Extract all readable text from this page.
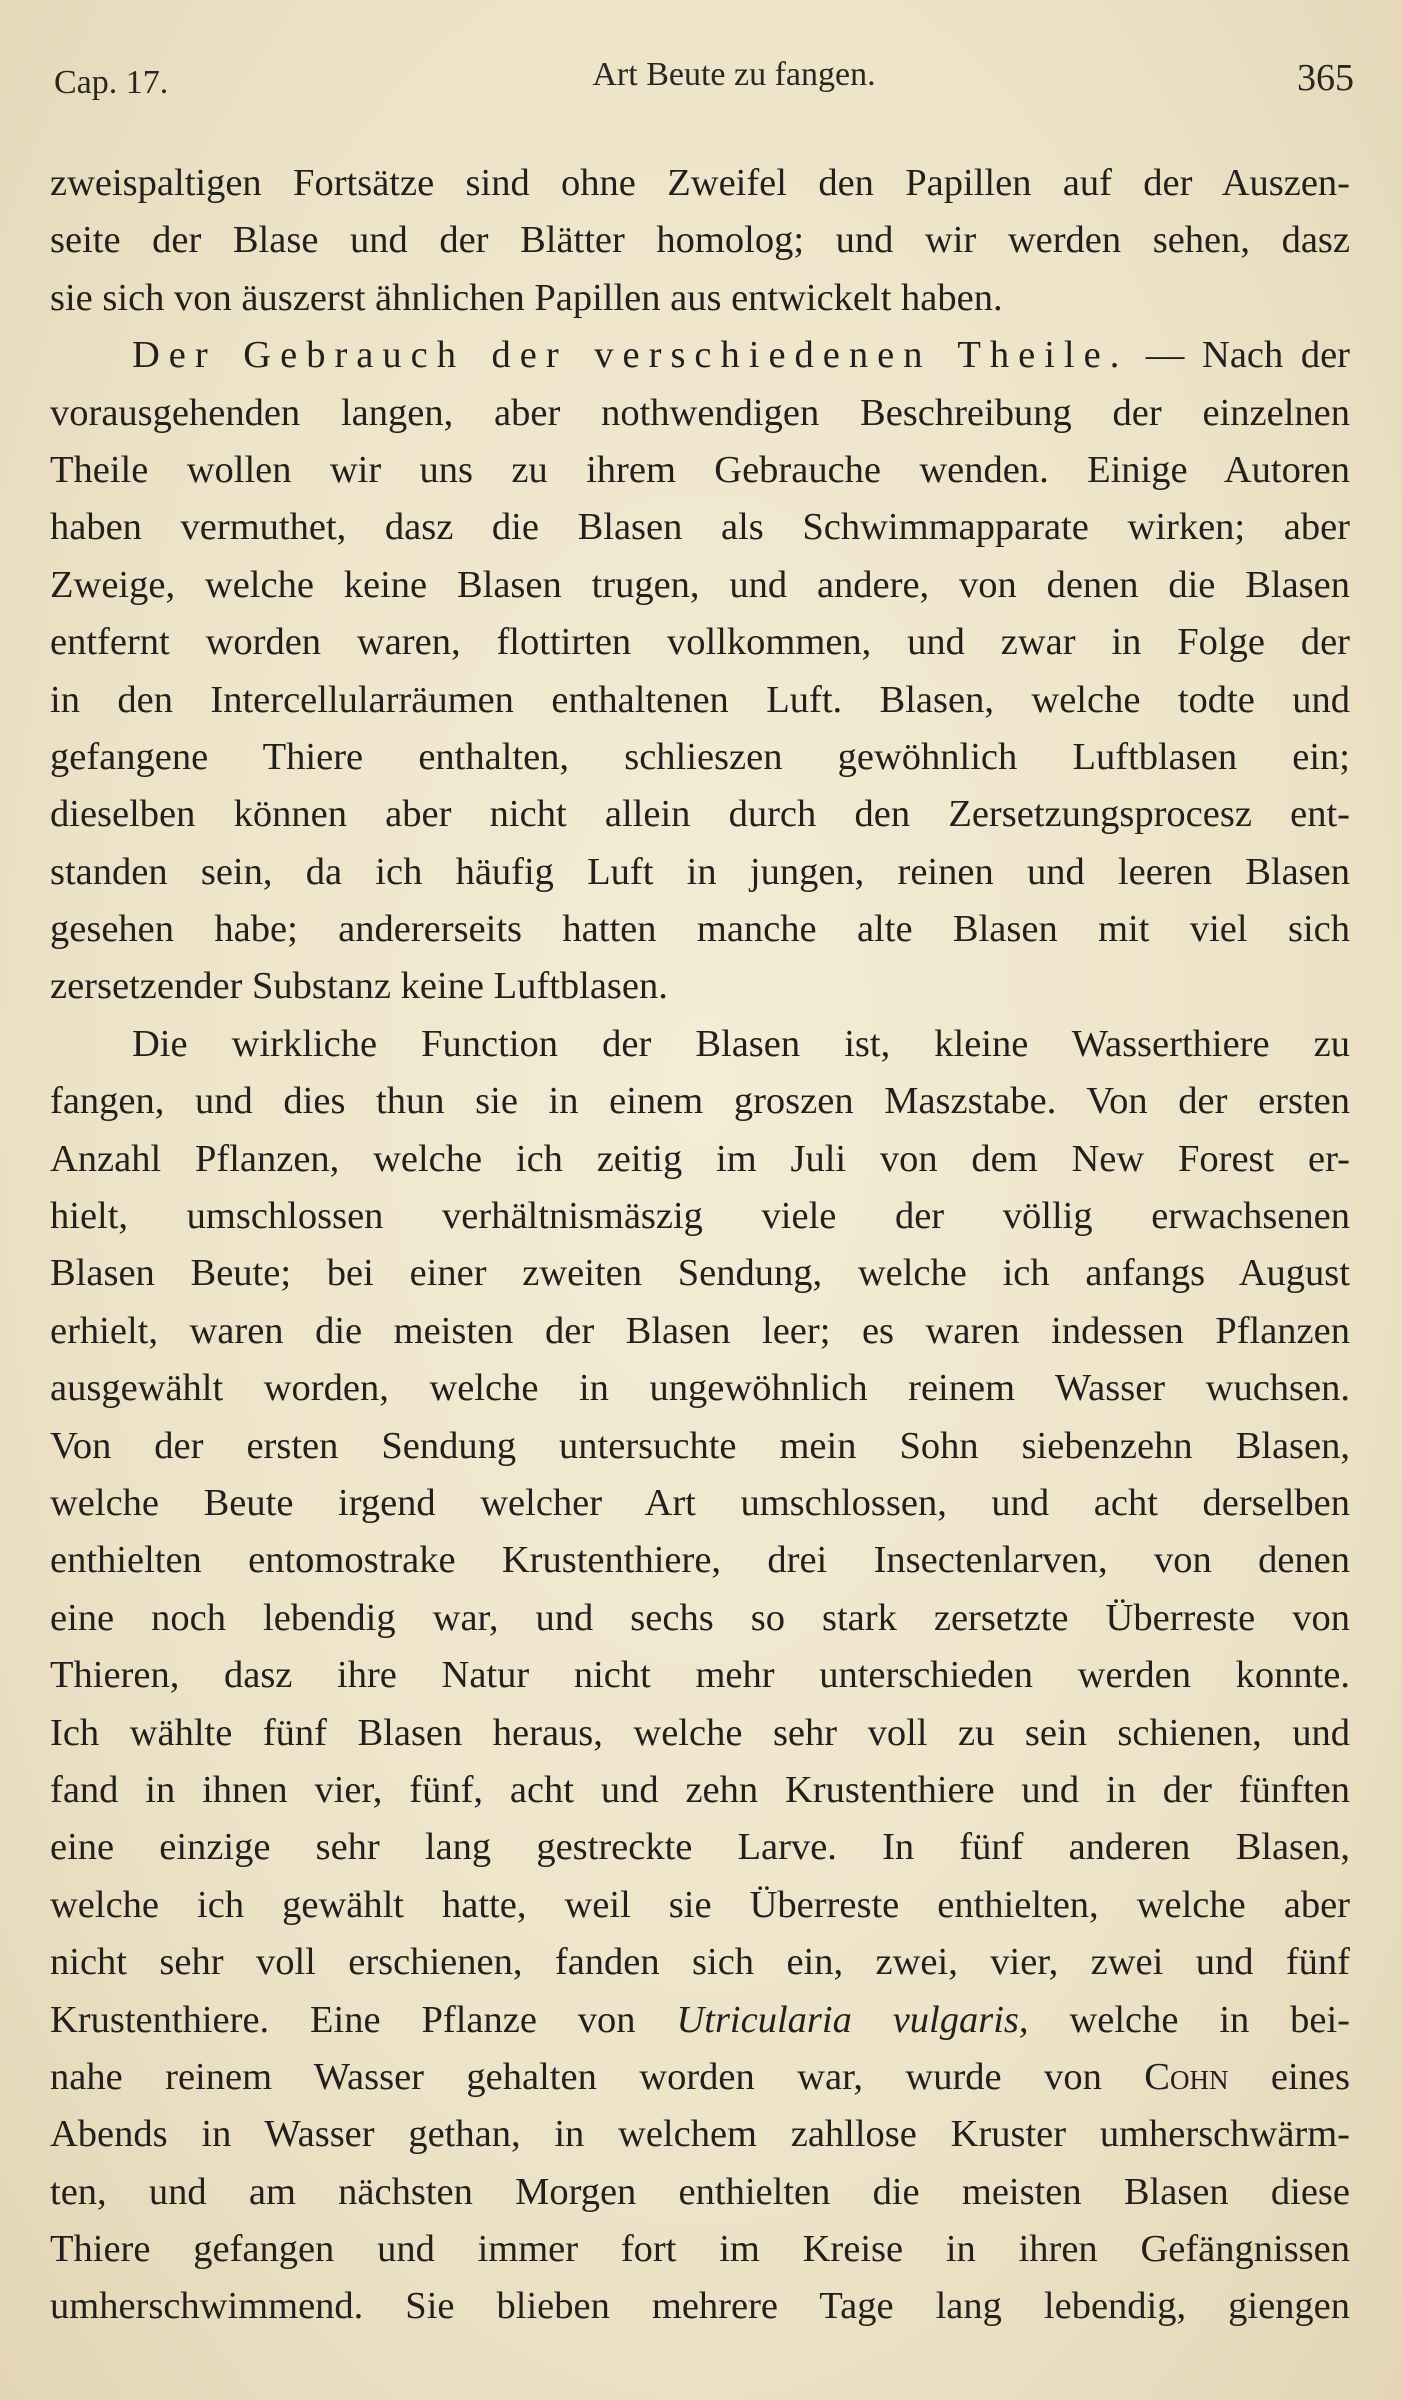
Cap. 17.	Art Beute zu fangen.	365
zweispaltigen Fortsätze sind ohne Zweifel den Papillen auf der Auszen-
seite der Blase und der Blätter homolog; und wir werden sehen, dasz
sie sich von äuszerst ähnlichen Papillen aus entwickelt haben.
Der Gebrauch der verschiedenen Theile. — Nach der
vorausgehenden langen, aber nothwendigen Beschreibung der einzelnen
Theile wollen wir uns zu ihrem Gebrauche wenden. Einige Autoren
haben vermuthet, dasz die Blasen als Schwimmapparate wirken; aber
Zweige, welche keine Blasen trugen, und andere, von denen die Blasen
entfernt worden waren, flottirten vollkommen, und zwar in Folge der
in den Intercellularräumen enthaltenen Luft. Blasen, welche todte und
gefangene Thiere enthalten, schlieszen gewöhnlich Luftblasen ein;
dieselben können aber nicht allein durch den Zersetzungsprocesz ent-
standen sein, da ich häufig Luft in jungen, reinen und leeren Blasen
gesehen habe; andererseits hatten manche alte Blasen mit viel sich
zersetzender Substanz keine Luftblasen.
Die wirkliche Function der Blasen ist, kleine Wasserthiere zu
fangen, und dies thun sie in einem groszen Maszstabe. Von der ersten
Anzahl Pflanzen, welche ich zeitig im Juli von dem New Forest er-
hielt, umschlossen verhältnismäszig viele der völlig erwachsenen
Blasen Beute; bei einer zweiten Sendung, welche ich anfangs August
erhielt, waren die meisten der Blasen leer; es waren indessen Pflanzen
ausgewählt worden, welche in ungewöhnlich reinem Wasser wuchsen.
Von der ersten Sendung untersuchte mein Sohn siebenzehn Blasen,
welche Beute irgend welcher Art umschlossen, und acht derselben
enthielten entomostrake Krustenthiere, drei Insectenlarven, von denen
eine noch lebendig war, und sechs so stark zersetzte Überreste von
Thieren, dasz ihre Natur nicht mehr unterschieden werden konnte.
Ich wählte fünf Blasen heraus, welche sehr voll zu sein schienen, und
fand in ihnen vier, fünf, acht und zehn Krustenthiere und in der fünften
eine einzige sehr lang gestreckte Larve. In fünf anderen Blasen,
welche ich gewählt hatte, weil sie Überreste enthielten, welche aber
nicht sehr voll erschienen, fanden sich ein, zwei, vier, zwei und fünf
Krustenthiere. Eine Pflanze von Utricularia vulgaris, welche in bei-
nahe reinem Wasser gehalten worden war, wurde von Cohn eines
Abends in Wasser gethan, in welchem zahllose Kruster umherschwärm-
ten, und am nächsten Morgen enthielten die meisten Blasen diese
Thiere gefangen und immer fort im Kreise in ihren Gefängnissen
umherschwimmend. Sie blieben mehrere Tage lang lebendig, giengen
